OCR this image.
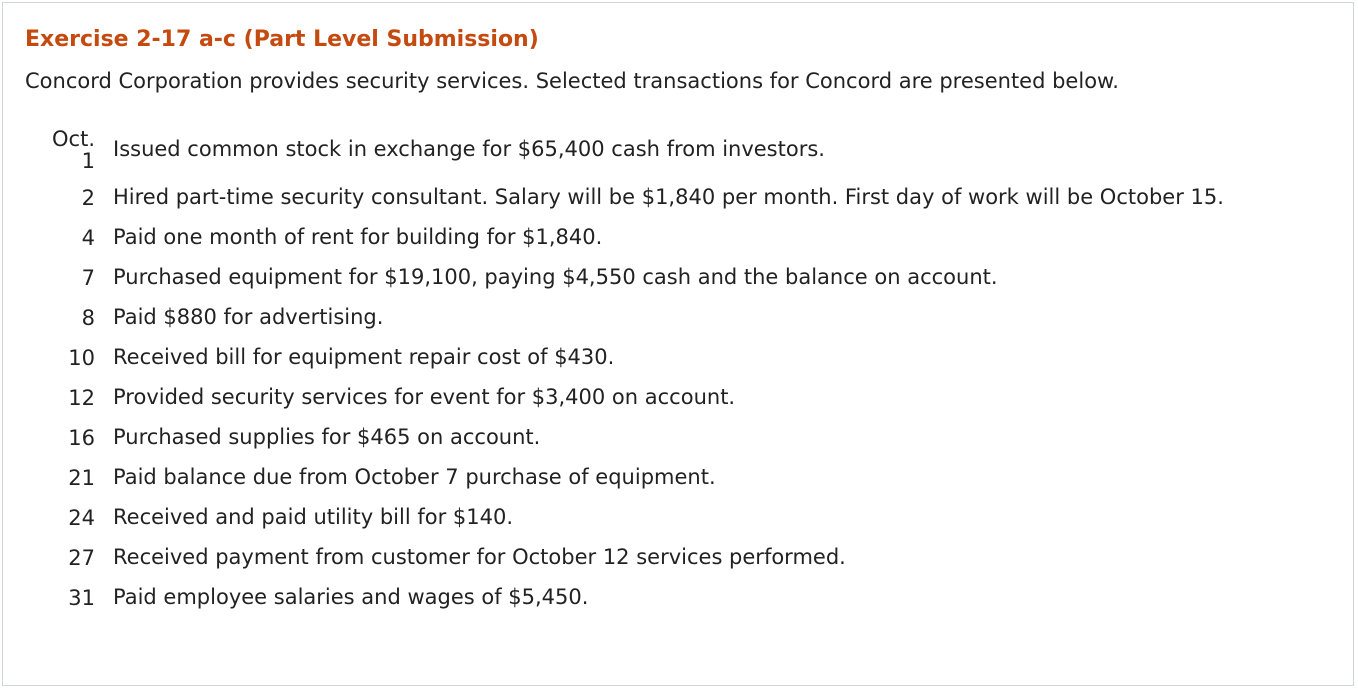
Exercise 2-17 a-c (Part Level Submission)
Concord Corporation provides security services. Selected transactions for Concord are presented below.
Oct.
1	Issued common stock in exchange for $65,400 cash from investors.
2	Hired part-time security consultant. Salary will be $1,840 per month. First day of work will be October 15.
4	Paid one month of rent for building for $1,840.
7	Purchased equipment for $19,100, paying $4,550 cash and the balance on account.
8	Paid $880 for advertising.
10	Received bill for equipment repair cost of $430.
12	Provided security services for event for $3,400 on account.
16	Purchased supplies for $465 on account.
21	Paid balance due from October 7 purchase of equipment.
24	Received and paid utility bill for $140.
27	Received payment from customer for October 12 services performed.
31	Paid employee salaries and wages of $5,450.
